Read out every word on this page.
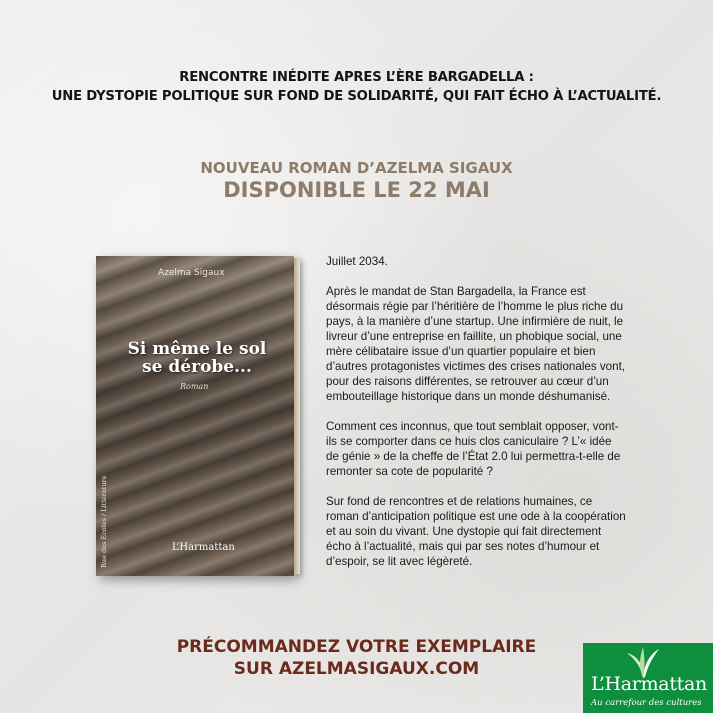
RENCONTRE INÉDITE APRES L’ÈRE BARGADELLA :
UNE DYSTOPIE POLITIQUE SUR FOND DE SOLIDARITÉ, QUI FAIT ÉCHO À L’ACTUALITÉ.
NOUVEAU ROMAN D’AZELMA SIGAUX
DISPONIBLE LE 22 MAI
Azelma Sigaux
Si même le sol
se dérobe...
Roman
Rue des Écoles / Littérature	L’Harmattan

Juillet 2034.

Après le mandat de Stan Bargadella, la France est désormais régie par l’héritière de l’homme le plus riche du pays, à la manière d’une startup. Une infirmière de nuit, le livreur d’une entreprise en faillite, un phobique social, une mère célibataire issue d’un quartier populaire et bien d’autres protagonistes victimes des crises nationales vont, pour des raisons différentes, se retrouver au cœur d’un embouteillage historique dans un monde déshumanisé.

Comment ces inconnus, que tout semblait opposer, vont-ils se comporter dans ce huis clos caniculaire ? L’« idée de génie » de la cheffe de l’État 2.0 lui permettra-t-elle de remonter sa cote de popularité ?

Sur fond de rencontres et de relations humaines, ce roman d’anticipation politique est une ode à la coopération et au soin du vivant. Une dystopie qui fait directement écho à l’actualité, mais qui par ses notes d’humour et d’espoir, se lit avec légèreté.

PRÉCOMMANDEZ VOTRE EXEMPLAIRE
SUR AZELMASIGAUX.COM
L’Harmattan
Au carrefour des cultures
